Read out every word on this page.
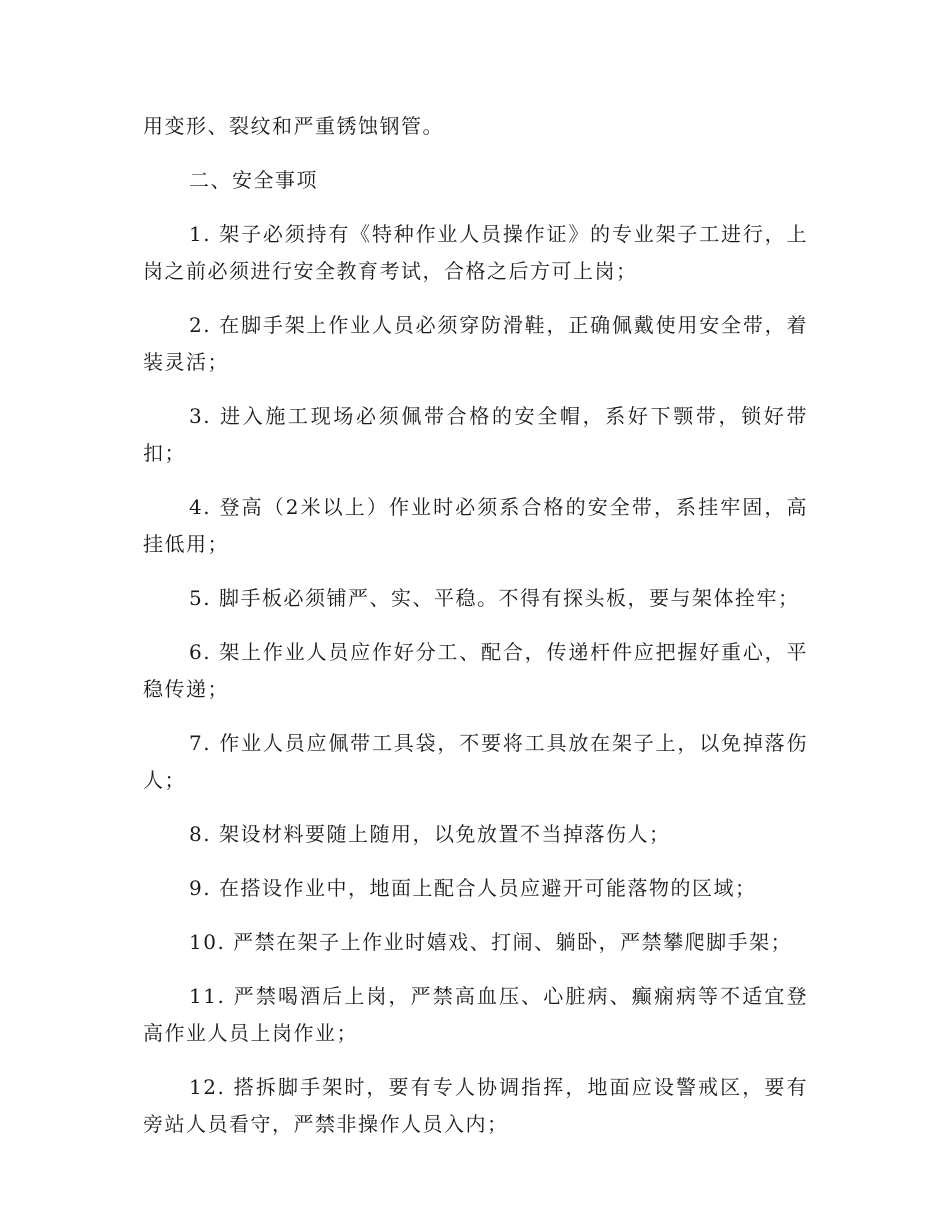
用变形、裂纹和严重锈蚀钢管。

二、安全事项

1. 架子必须持有《特种作业人员操作证》的专业架子工进行，上岗之前必须进行安全教育考试，合格之后方可上岗；

2. 在脚手架上作业人员必须穿防滑鞋，正确佩戴使用安全带，着装灵活；

3. 进入施工现场必须佩带合格的安全帽，系好下颚带，锁好带扣；

4. 登高（2米以上）作业时必须系合格的安全带，系挂牢固，高挂低用；

5. 脚手板必须铺严、实、平稳。不得有探头板，要与架体拴牢；

6. 架上作业人员应作好分工、配合，传递杆件应把握好重心，平稳传递；

7. 作业人员应佩带工具袋，不要将工具放在架子上，以免掉落伤人；

8. 架设材料要随上随用，以免放置不当掉落伤人；

9. 在搭设作业中，地面上配合人员应避开可能落物的区域；

10. 严禁在架子上作业时嬉戏、打闹、躺卧，严禁攀爬脚手架；

11. 严禁喝酒后上岗，严禁高血压、心脏病、癫痫病等不适宜登高作业人员上岗作业；

12. 搭拆脚手架时，要有专人协调指挥，地面应设警戒区，要有旁站人员看守，严禁非操作人员入内；
